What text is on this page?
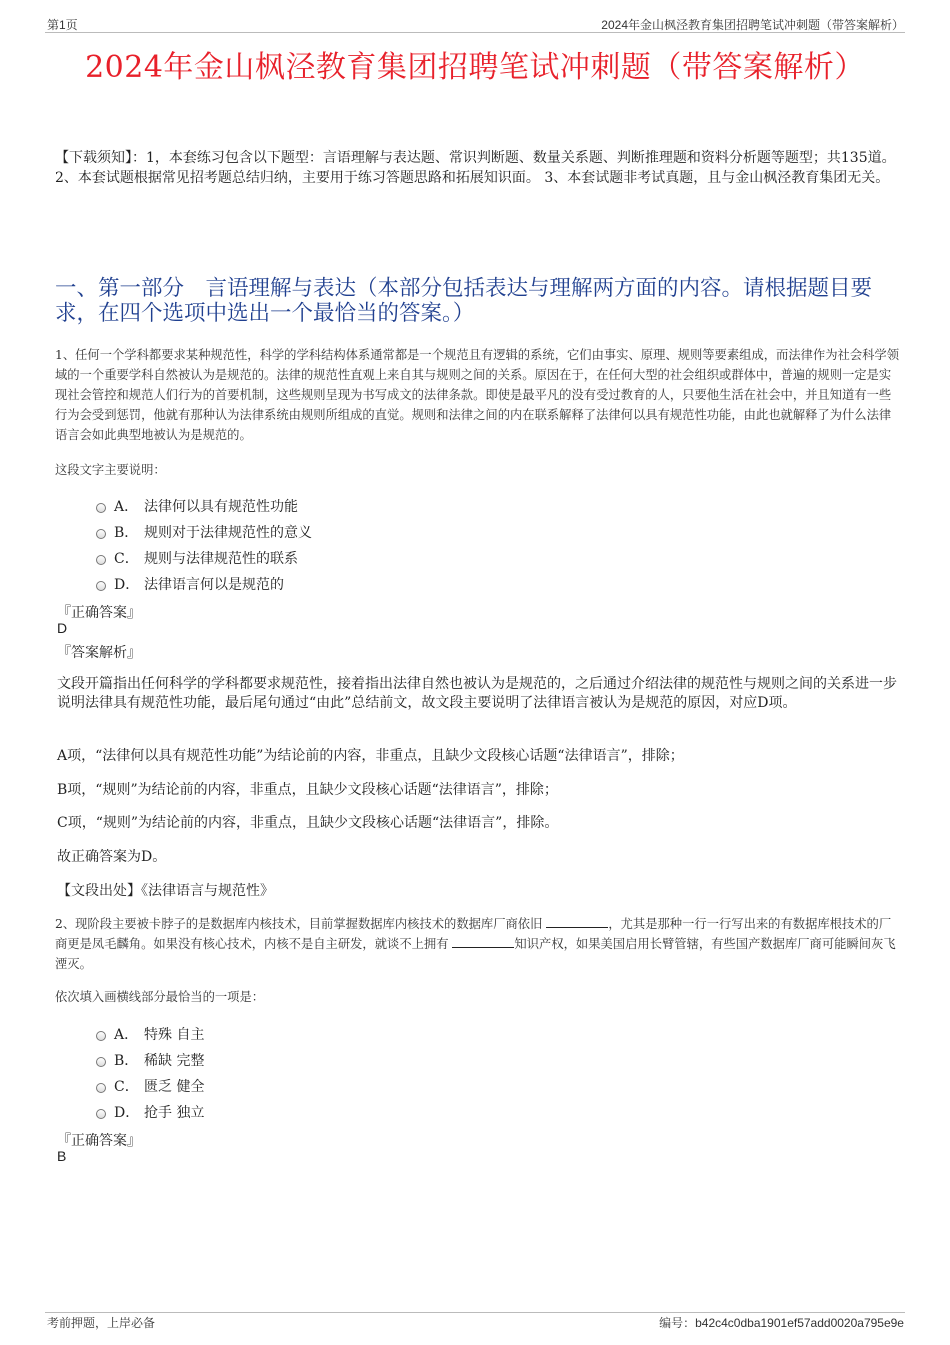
第1页	2024年金山枫泾教育集团招聘笔试冲刺题（带答案解析）
2024年金山枫泾教育集团招聘笔试冲刺题（带答案解析）
【下载须知】：1，本套练习包含以下题型：言语理解与表达题、常识判断题、数量关系题、判断推理题和资料分析题等题型；共135道。 2、本套试题根据常见招考题总结归纳，主要用于练习答题思路和拓展知识面。 3、本套试题非考试真题，且与金山枫泾教育集团无关。
一、第一部分　言语理解与表达（本部分包括表达与理解两方面的内容。请根据题目要求，在四个选项中选出一个最恰当的答案。）
1、任何一个学科都要求某种规范性，科学的学科结构体系通常都是一个规范且有逻辑的系统，它们由事实、原理、规则等要素组成，而法律作为社会科学领域的一个重要学科自然被认为是规范的。法律的规范性直观上来自其与规则之间的关系。原因在于，在任何大型的社会组织或群体中，普遍的规则一定是实现社会管控和规范人们行为的首要机制，这些规则呈现为书写成文的法律条款。即使是最平凡的没有受过教育的人，只要他生活在社会中，并且知道有一些行为会受到惩罚，他就有那种认为法律系统由规则所组成的直觉。规则和法律之间的内在联系解释了法律何以具有规范性功能，由此也就解释了为什么法律语言会如此典型地被认为是规范的。
这段文字主要说明：
A． 法律何以具有规范性功能
B． 规则对于法律规范性的意义
C． 规则与法律规范性的联系
D． 法律语言何以是规范的
『正确答案』
D
『答案解析』
文段开篇指出任何科学的学科都要求规范性，接着指出法律自然也被认为是规范的，之后通过介绍法律的规范性与规则之间的关系进一步说明法律具有规范性功能，最后尾句通过“由此”总结前文，故文段主要说明了法律语言被认为是规范的原因，对应D项。
A项，“法律何以具有规范性功能”为结论前的内容，非重点，且缺少文段核心话题“法律语言”，排除；
B项，“规则”为结论前的内容，非重点，且缺少文段核心话题“法律语言”，排除；
C项，“规则”为结论前的内容，非重点，且缺少文段核心话题“法律语言”，排除。
故正确答案为D。
【文段出处】《法律语言与规范性》
2、现阶段主要被卡脖子的是数据库内核技术，目前掌握数据库内核技术的数据库厂商依旧	，尤其是那种一行一行写出来的有数据库根技术的厂商更是凤毛麟角。如果没有核心技术，内核不是自主研发，就谈不上拥有	知识产权，如果美国启用长臂管辖，有些国产数据库厂商可能瞬间灰飞湮灭。
依次填入画横线部分最恰当的一项是：
A． 特殊 自主
B． 稀缺 完整
C． 匮乏 健全
D． 抢手 独立
『正确答案』
B
考前押题，上岸必备	编号：b42c4c0dba1901ef57add0020a795e9e
